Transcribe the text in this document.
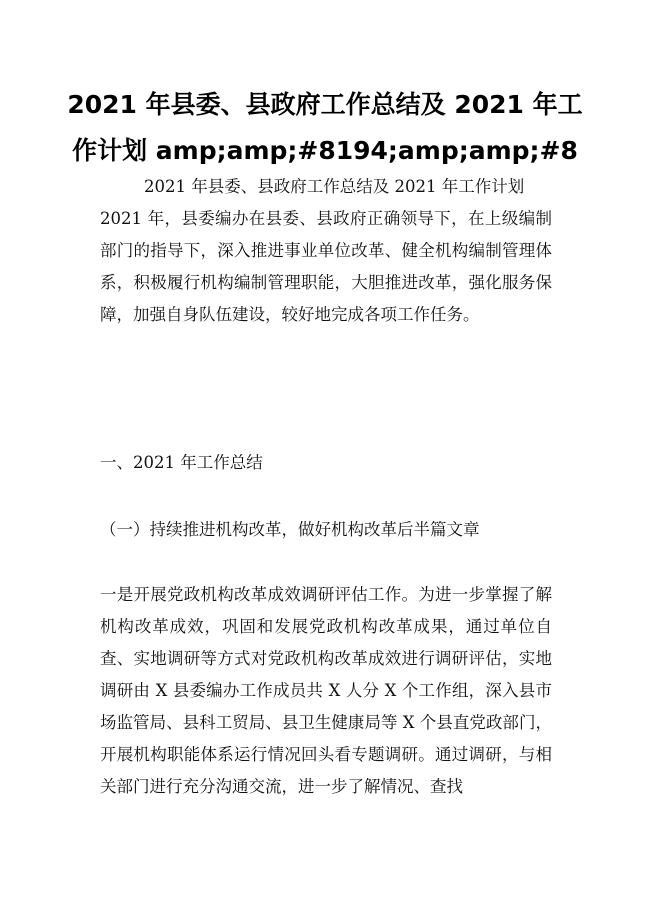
2021 年县委、县政府工作总结及 2021 年工
作计划 amp;amp;#8194;amp;amp;#8

2021 年县委、县政府工作总结及 2021 年工作计划
2021 年，县委编办在县委、县政府正确领导下，在上级编制部门的指导下，深入推进事业单位改革、健全机构编制管理体系，积极履行机构编制管理职能，大胆推进改革，强化服务保障，加强自身队伍建设，较好地完成各项工作任务。

一、2021 年工作总结

（一）持续推进机构改革，做好机构改革后半篇文章

一是开展党政机构改革成效调研评估工作。为进一步掌握了解机构改革成效，巩固和发展党政机构改革成果，通过单位自查、实地调研等方式对党政机构改革成效进行调研评估，实地调研由 X 县委编办工作成员共 X 人分 X 个工作组，深入县市场监管局、县科工贸局、县卫生健康局等 X 个县直党政部门，开展机构职能体系运行情况回头看专题调研。通过调研，与相关部门进行充分沟通交流，进一步了解情况、查找
